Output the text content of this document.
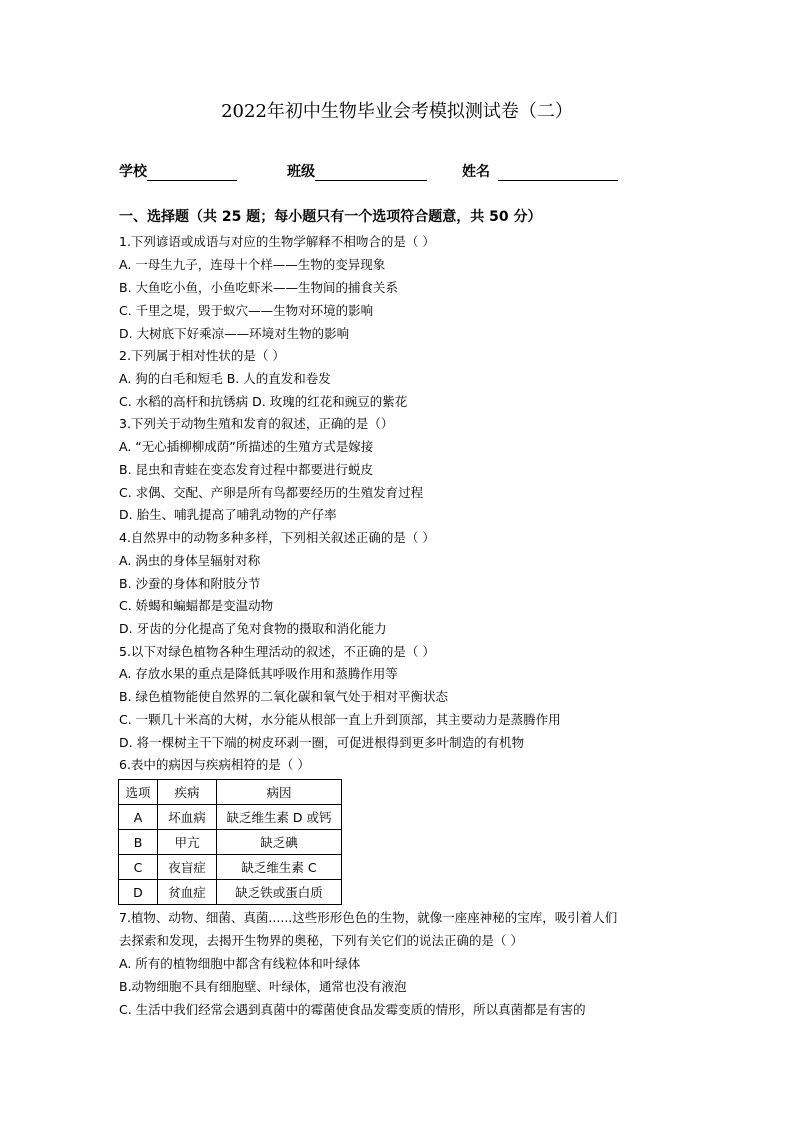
2022年初中生物毕业会考模拟测试卷（二）
学校	班级	姓名
一、选择题（共 25 题；每小题只有一个选项符合题意，共 50 分）
1.下列谚语或成语与对应的生物学解释不相吻合的是（ ）
A. 一母生九子，连母十个样——生物的变异现象
B. 大鱼吃小鱼，小鱼吃虾米——生物间的捕食关系
C. 千里之堤，毁于蚁穴——生物对环境的影响
D. 大树底下好乘凉——环境对生物的影响
2.下列属于相对性状的是（ ）
A. 狗的白毛和短毛 B. 人的直发和卷发
C. 水稻的高杆和抗锈病 D. 玫瑰的红花和豌豆的紫花
3.下列关于动物生殖和发育的叙述，正确的是（）
A. “无心插柳柳成荫”所描述的生殖方式是嫁接
B. 昆虫和青蛙在变态发育过程中都要进行蜕皮
C. 求偶、交配、产卵是所有鸟都要经历的生殖发育过程
D. 胎生、哺乳提高了哺乳动物的产仔率
4.自然界中的动物多种多样，下列相关叙述正确的是（ ）
A. 涡虫的身体呈辐射对称
B. 沙蚕的身体和附肢分节
C. 娇蝎和蝙蝠都是变温动物
D. 牙齿的分化提高了兔对食物的摄取和消化能力
5.以下对绿色植物各种生理活动的叙述，不正确的是（ ）
A. 存放水果的重点是降低其呼吸作用和蒸腾作用等
B. 绿色植物能使自然界的二氧化碳和氧气处于相对平衡状态
C. 一颗几十米高的大树，水分能从根部一直上升到顶部，其主要动力是蒸腾作用
D. 将一棵树主干下端的树皮环剥一圈，可促进根得到更多叶制造的有机物
6.表中的病因与疾病相符的是（ ）
选项	疾病	病因
A	坏血病	缺乏维生素 D 或钙
B	甲亢	缺乏碘
C	夜盲症	缺乏维生素 C
D	贫血症	缺乏铁或蛋白质
7.植物、动物、细菌、真菌......这些形形色色的生物，就像一座座神秘的宝库，吸引着人们
去探索和发现，去揭开生物界的奥秘，下列有关它们的说法正确的是（ ）
A. 所有的植物细胞中都含有线粒体和叶绿体
B.动物细胞不具有细胞壁、叶绿体，通常也没有液泡
C. 生活中我们经常会遇到真菌中的霉菌使食品发霉变质的情形，所以真菌都是有害的
